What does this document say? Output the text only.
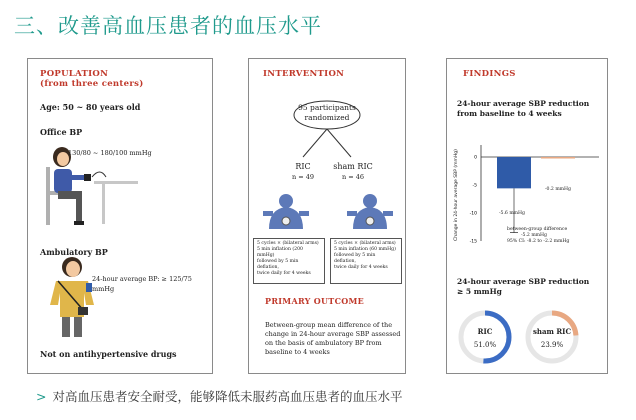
三、改善高血压患者的血压水平
POPULATION
(from three centers)
Age: 50 ~ 80 years old
Office BP
130/80 ~ 180/100 mmHg
Ambulatory BP
24-hour average BP: ≥ 125/75 mmHg
Not on antihypertensive drugs
INTERVENTION
95 participants
randomized
RIC
n = 49
sham RIC
n = 46
5 cycles × (bilateral arms)
5 min inflation (200 mmHg)
followed by 5 min deflation,
twice daily for 4 weeks
5 cycles × (bilateral arms)
5 min inflation (60 mmHg)
followed by 5 min deflation,
twice daily for 4 weeks
PRIMARY OUTCOME
Between-group mean difference of the
change in 24-hour average SBP assessed
on the basis of ambulatory BP from
baseline to 4 weeks
FINDINGS
24-hour average SBP reduction
from baseline to 4 weeks
Change in 24-hour average SBP (mmHg)	0
-5
-10
-15
-5.6 mmHg
-0.2 mmHg
between-group difference
-5.2 mmHg
95% CI: -8.2 to -2.2 mmHg
24-hour average SBP reduction
≥ 5 mmHg
RIC
51.0%
sham RIC
23.9%
> 对高血压患者安全耐受，能够降低未服药高血压患者的血压水平
